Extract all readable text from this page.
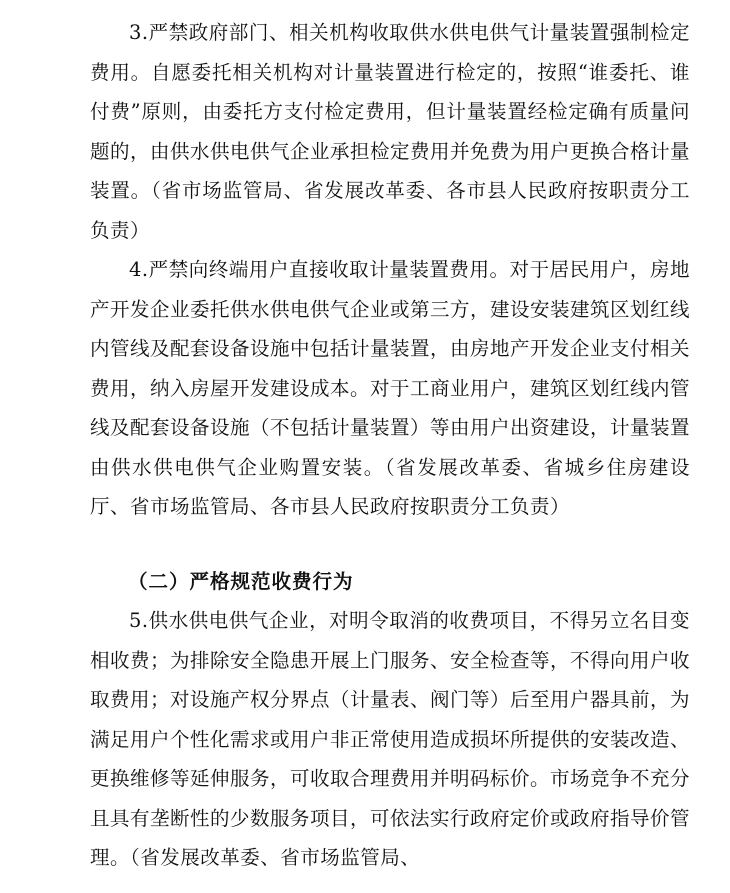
3.严禁政府部门、相关机构收取供水供电供气计量装置强制检定费用。自愿委托相关机构对计量装置进行检定的，按照“谁委托、谁付费”原则，由委托方支付检定费用，但计量装置经检定确有质量问题的，由供水供电供气企业承担检定费用并免费为用户更换合格计量装置。（省市场监管局、省发展改革委、各市县人民政府按职责分工负责）

4.严禁向终端用户直接收取计量装置费用。对于居民用户，房地产开发企业委托供水供电供气企业或第三方，建设安装建筑区划红线内管线及配套设备设施中包括计量装置，由房地产开发企业支付相关费用，纳入房屋开发建设成本。对于工商业用户，建筑区划红线内管线及配套设备设施（不包括计量装置）等由用户出资建设，计量装置由供水供电供气企业购置安装。（省发展改革委、省城乡住房建设厅、省市场监管局、各市县人民政府按职责分工负责）

（二）严格规范收费行为

5.供水供电供气企业，对明令取消的收费项目，不得另立名目变相收费；为排除安全隐患开展上门服务、安全检查等，不得向用户收取费用；对设施产权分界点（计量表、阀门等）后至用户器具前，为满足用户个性化需求或用户非正常使用造成损坏所提供的安装改造、更换维修等延伸服务，可收取合理费用并明码标价。市场竞争不充分且具有垄断性的少数服务项目，可依法实行政府定价或政府指导价管理。（省发展改革委、省市场监管局、
